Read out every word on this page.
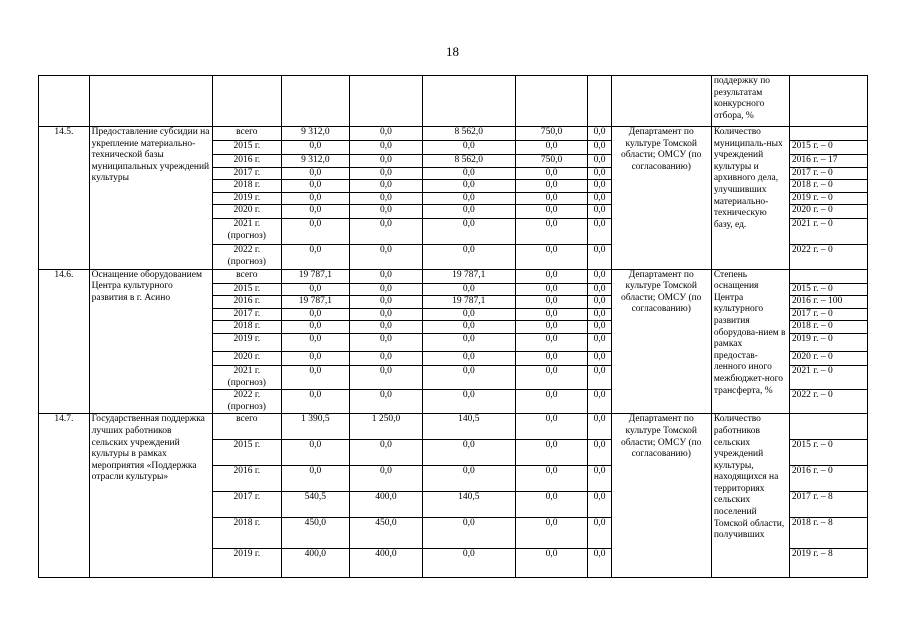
18
									поддержку по результатам конкурсного отбора, %	
14.5.	Предоставление субсидии на укрепление материально-технической базы муниципальных учреждений культуры	всего	9 312,0	0,0	8 562,0	750,0	0,0	Департамент по культуре Томской области; ОМСУ (по согласованию)	Количество муниципаль-ных учреждений культуры и архивного дела, улучшивших материально-техническую базу, ед.	
		2015 г.	0,0	0,0	0,0	0,0	0,0			2015 г. – 0
		2016 г.	9 312,0	0,0	8 562,0	750,0	0,0			2016 г. – 17
		2017 г.	0,0	0,0	0,0	0,0	0,0			2017 г. – 0
		2018 г.	0,0	0,0	0,0	0,0	0,0			2018 г. – 0
		2019 г.	0,0	0,0	0,0	0,0	0,0			2019 г. – 0
		2020 г.	0,0	0,0	0,0	0,0	0,0			2020 г. – 0
		2021 г. (прогноз)	0,0	0,0	0,0	0,0	0,0			2021 г. – 0
		2022 г. (прогноз)	0,0	0,0	0,0	0,0	0,0			2022 г. – 0
14.6.	Оснащение оборудованием Центра культурного развития в г. Асино	всего	19 787,1	0,0	19 787,1	0,0	0,0	Департамент по культуре Томской области; ОМСУ (по согласованию)	Степень оснащения Центра культурного развития оборудова-нием в рамках предостав-ленного иного межбюджет-ного трансферта, %	
		2015 г.	0,0	0,0	0,0	0,0	0,0			2015 г. – 0
		2016 г.	19 787,1	0,0	19 787,1	0,0	0,0			2016 г. – 100
		2017 г.	0,0	0,0	0,0	0,0	0,0			2017 г. – 0
		2018 г.	0,0	0,0	0,0	0,0	0,0			2018 г. – 0
		2019 г.	0,0	0,0	0,0	0,0	0,0			2019 г. – 0
		2020 г.	0,0	0,0	0,0	0,0	0,0			2020 г. – 0
		2021 г. (прогноз)	0,0	0,0	0,0	0,0	0,0			2021 г. – 0
		2022 г. (прогноз)	0,0	0,0	0,0	0,0	0,0			2022 г. – 0
14.7.	Государственная поддержка лучших работников сельских учреждений культуры в рамках мероприятия «Поддержка отрасли культуры»	всего	1 390,5	1 250,0	140,5	0,0	0,0	Департамент по культуре Томской области; ОМСУ (по согласованию)	Количество работников сельских учреждений культуры, находящихся на территориях сельских поселений Томской области, получивших	
		2015 г.	0,0	0,0	0,0	0,0	0,0			2015 г. – 0
		2016 г.	0,0	0,0	0,0	0,0	0,0			2016 г. – 0
		2017 г.	540,5	400,0	140,5	0,0	0,0			2017 г. – 8
		2018 г.	450,0	450,0	0,0	0,0	0,0			2018 г. – 8
		2019 г.	400,0	400,0	0,0	0,0	0,0			2019 г. – 8
